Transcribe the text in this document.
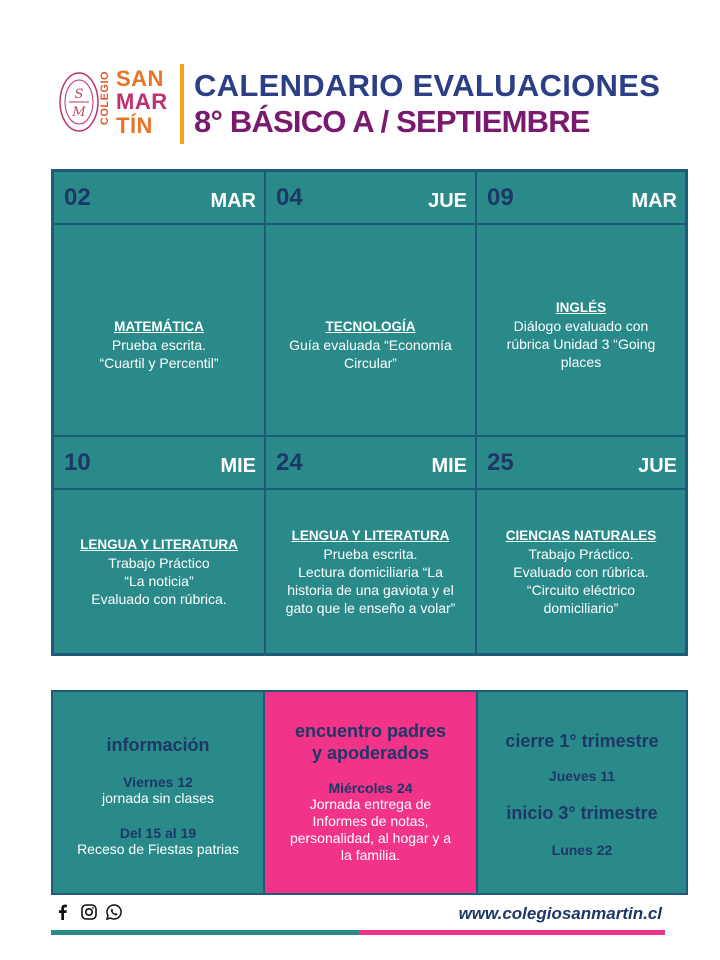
S
M COLEGIO SAN
MAR
TÍN
CALENDARIO EVALUACIONES
8° BÁSICO A / SEPTIEMBRE
02	MAR 04	JUE 09	MAR
MATEMÁTICA
Prueba escrita.
“Cuartil y Percentil”
TECNOLOGÍA
Guía evaluada “Economía
Circular”
INGLÉS
Diálogo evaluado con
rúbrica Unidad 3 “Going
places
10	MIE 24	MIE 25	JUE
LENGUA Y LITERATURA
Trabajo Práctico
“La noticia”
Evaluado con rúbrica.
LENGUA Y LITERATURA
Prueba escrita.
Lectura domiciliaria “La
historia de una gaviota y el
gato que le enseño a volar”
CIENCIAS NATURALES
Trabajo Práctico.
Evaluado con rúbrica.
“Circuito eléctrico
domiciliario”
información
Viernes 12
jornada sin clases
Del 15 al 19
Receso de Fiestas patrias
encuentro padres
y apoderados
Miércoles 24
Jornada entrega de
Informes de notas,
personalidad, al hogar y a
la familia.
cierre 1° trimestre
Jueves 11
inicio 3° trimestre
Lunes 22
www.colegiosanmartin.cl
